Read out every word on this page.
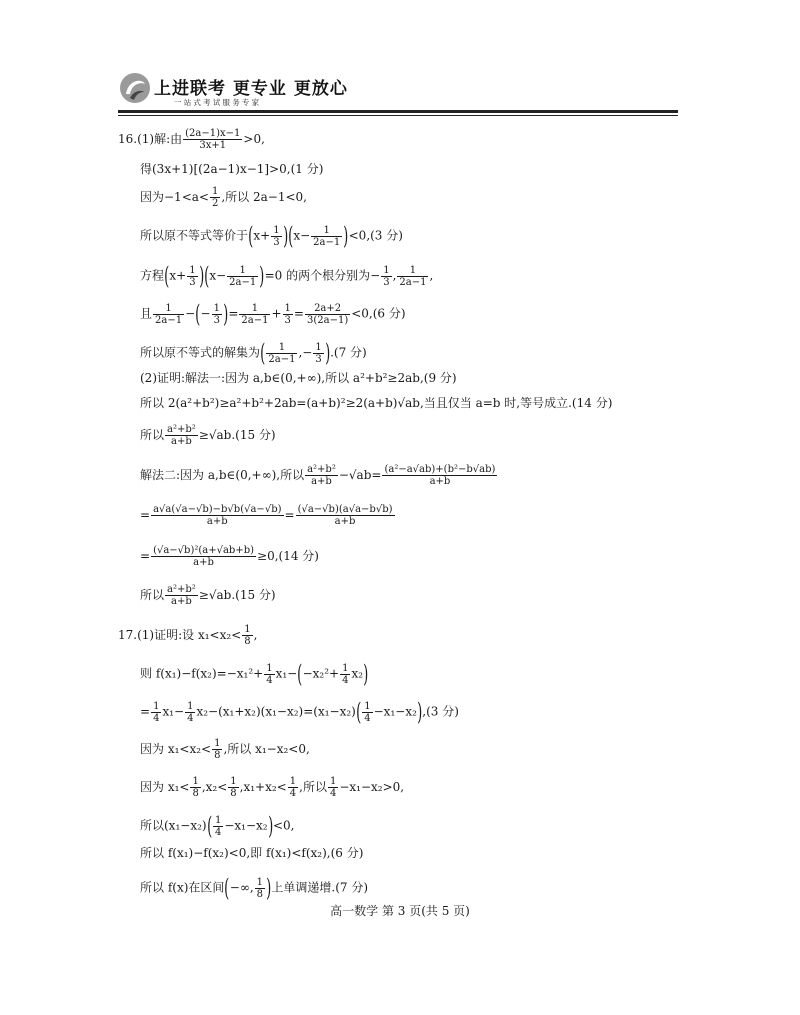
上进联考 更专业 更放心
一站式考试服务专家
16.(1)解:由 $\frac{(2a-1)x-1}{3x+1} >0$,
得(3x+1)[(2a−1)x−1]>0,(1 分)
因为$-1<a< \frac{1}{2}$ ,所以 2a−1<0,
所以原不等式等价于$(x+ \frac{1}{3} )(x- \frac{1}{2a-1} )<0,(3$ 分)
方程$(x+ \frac{1}{3} )(x- \frac{1}{2a-1} )=0$ 的两个根分别为− $\frac{1}{3}$ , $\frac{1}{2a-1}$ ,
且 $\frac{1}{2a-1}$ −(− $\frac{1}{3}$ )= $\frac{1}{2a-1} + \frac{1}{3} = \frac{2a+2}{3(2a-1)} <0,(6$ 分)
所以原不等式的解集为( $\frac{1}{2a-1}$ ,− $\frac{1}{3} ).(7$ 分)
(2)证明:解法一:因为 a,b∈(0,+∞),所以 a²+b²≥2ab,(9 分)
所以 2(a²+b²)≥a²+b²+2ab=(a+b)²≥2(a+b)√ab,当且仅当 a=b 时,等号成立.(14 分)
所以 $\frac{\text{a²+b²}}{a+b} \ge√ab.(15$ 分)
解法二:因为 a,b∈(0,+∞),所以 $\frac{\text{a²+b²}}{a+b} -√ab= \frac{\text{(a²−a√ab)+(b²−b√ab)}}{a+b}$
= $\frac{a√a(√a-√b)-b√b(√a-√b)}{a+b} = \frac{(√a-√b)(a√a-b√b)}{a+b}$
= $\frac{\text{(√a−√b)²(a+√ab+b)}}{a+b} \ge 0,(14$ 分)
所以 $\frac{\text{a²+b²}}{a+b} \ge√ab.(15$ 分)
17.(1)证明:设 $x_1<x_2< \frac{1}{8}$ ,
则 $f(x_1)-f(x_2)=-x_1^2+ \frac{1}{4} x_1-(-x_2^2+ \frac{1}{4} x_2)$
= $\frac{1}{4} x_1- \frac{1}{4} x_2-(x_1+x_2)(x_1-x_2)=(x_1-x_2)( \frac{1}{4} -x_1-x_2),(3$ 分)
因为 $x_1<x_2< \frac{1}{8}$ ,所以 x₁−x₂<0,
因为 $x_1< \frac{1}{8} ,x_2< \frac{1}{8} ,x_1+x_2< \frac{1}{4}$ ,所以 $\frac{1}{4} -x_1-x_2>0$,
所以$(x_1-x_2)( \frac{1}{4} -x_1-x_2)<0$,
所以 f(x₁)−f(x₂)<0,即 f(x₁)<f(x₂),(6 分)
所以 f(x)在区间(−∞, $\frac{1}{8}$ )上单调递增.(7 分)
高一数学 第 3 页(共 5 页)
